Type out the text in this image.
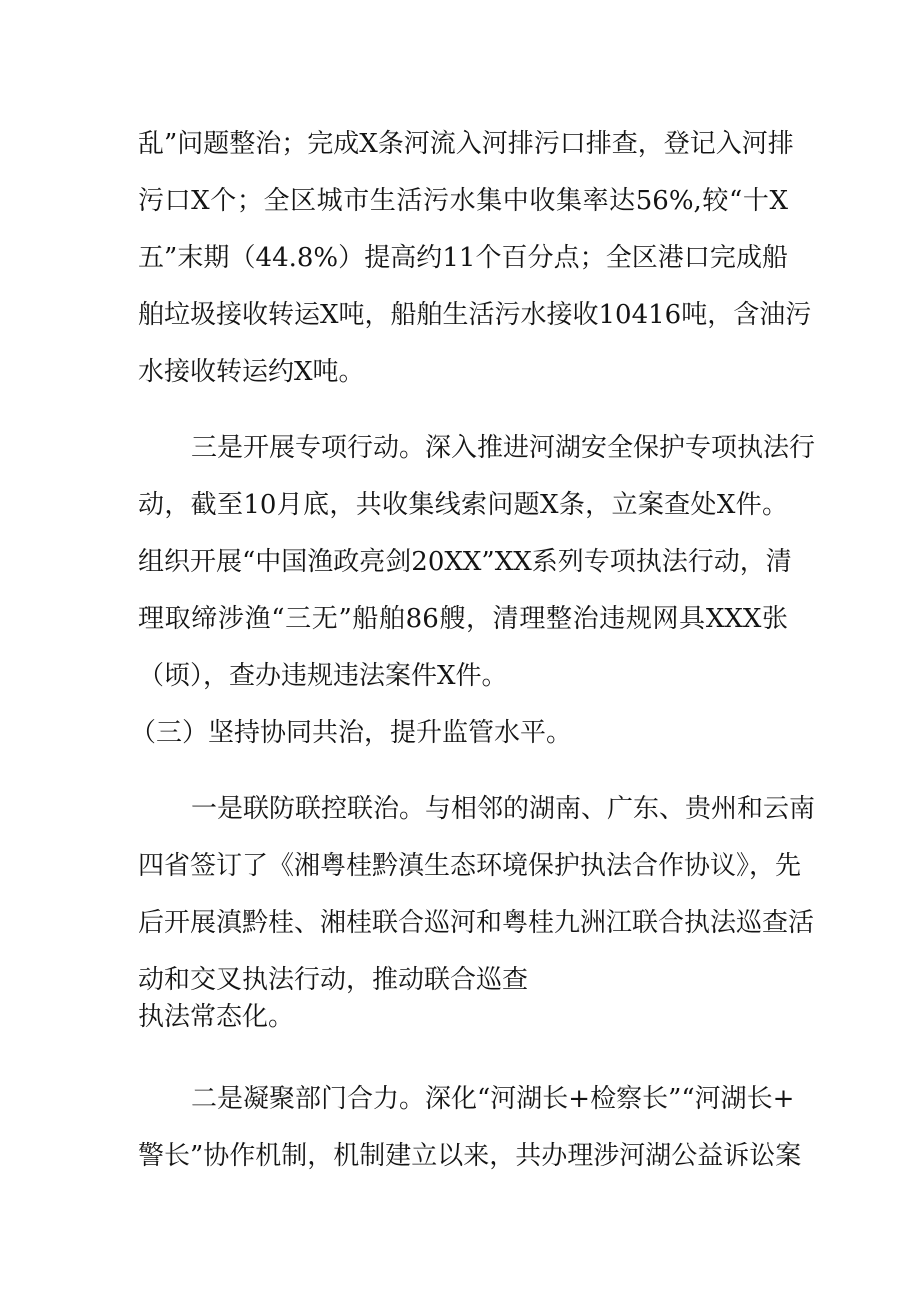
乱”问题整治；完成X条河流入河排污口排查，登记入河排

污口X个；全区城市生活污水集中收集率达56%,较“十X

五”末期（44.8%）提高约11个百分点；全区港口完成船

舶垃圾接收转运X吨，船舶生活污水接收10416吨，含油污

水接收转运约X吨。

三是开展专项行动。深入推进河湖安全保护专项执法行

动，截至10月底，共收集线索问题X条，立案查处X件。

组织开展“中国渔政亮剑20XX”XX系列专项执法行动，清

理取缔涉渔“三无”船舶86艘，清理整治违规网具XXX张

（顷），查办违规违法案件X件。

（三）坚持协同共治，提升监管水平。

一是联防联控联治。与相邻的湖南、广东、贵州和云南

四省签订了《湘粤桂黔滇生态环境保护执法合作协议》，先

后开展滇黔桂、湘桂联合巡河和粤桂九洲江联合执法巡查活

动和交叉执法行动，推动联合巡查

执法常态化。

二是凝聚部门合力。深化“河湖长+检察长”“河湖长+

警长”协作机制，机制建立以来，共办理涉河湖公益诉讼案
